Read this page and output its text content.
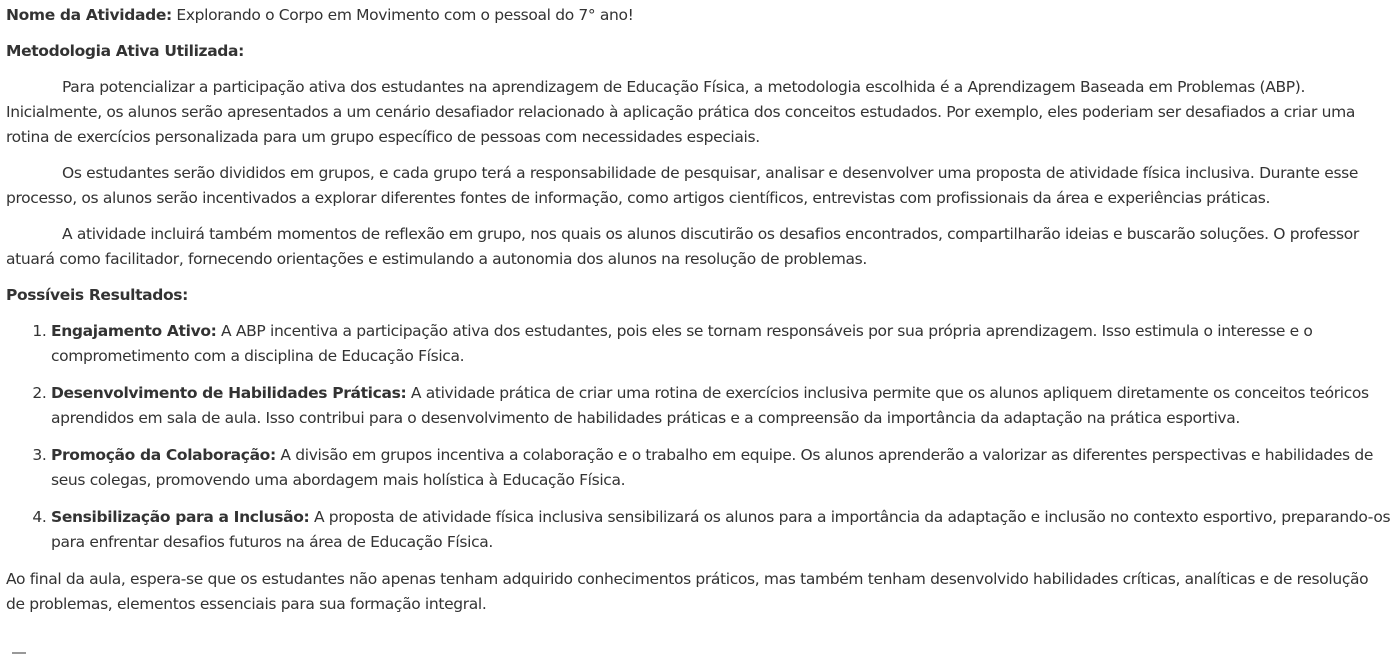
Nome da Atividade: Explorando o Corpo em Movimento com o pessoal do 7° ano!

Metodologia Ativa Utilizada:

Para potencializar a participação ativa dos estudantes na aprendizagem de Educação Física, a metodologia escolhida é a Aprendizagem Baseada em Problemas (ABP). Inicialmente, os alunos serão apresentados a um cenário desafiador relacionado à aplicação prática dos conceitos estudados. Por exemplo, eles poderiam ser desafiados a criar uma rotina de exercícios personalizada para um grupo específico de pessoas com necessidades especiais.

Os estudantes serão divididos em grupos, e cada grupo terá a responsabilidade de pesquisar, analisar e desenvolver uma proposta de atividade física inclusiva. Durante esse processo, os alunos serão incentivados a explorar diferentes fontes de informação, como artigos científicos, entrevistas com profissionais da área e experiências práticas.

A atividade incluirá também momentos de reflexão em grupo, nos quais os alunos discutirão os desafios encontrados, compartilharão ideias e buscarão soluções. O professor atuará como facilitador, fornecendo orientações e estimulando a autonomia dos alunos na resolução de problemas.

Possíveis Resultados:

1. Engajamento Ativo: A ABP incentiva a participação ativa dos estudantes, pois eles se tornam responsáveis por sua própria aprendizagem. Isso estimula o interesse e o comprometimento com a disciplina de Educação Física.
2. Desenvolvimento de Habilidades Práticas: A atividade prática de criar uma rotina de exercícios inclusiva permite que os alunos apliquem diretamente os conceitos teóricos aprendidos em sala de aula. Isso contribui para o desenvolvimento de habilidades práticas e a compreensão da importância da adaptação na prática esportiva.
3. Promoção da Colaboração: A divisão em grupos incentiva a colaboração e o trabalho em equipe. Os alunos aprenderão a valorizar as diferentes perspectivas e habilidades de seus colegas, promovendo uma abordagem mais holística à Educação Física.
4. Sensibilização para a Inclusão: A proposta de atividade física inclusiva sensibilizará os alunos para a importância da adaptação e inclusão no contexto esportivo, preparando-os para enfrentar desafios futuros na área de Educação Física.

Ao final da aula, espera-se que os estudantes não apenas tenham adquirido conhecimentos práticos, mas também tenham desenvolvido habilidades críticas, analíticas e de resolução de problemas, elementos essenciais para sua formação integral.
